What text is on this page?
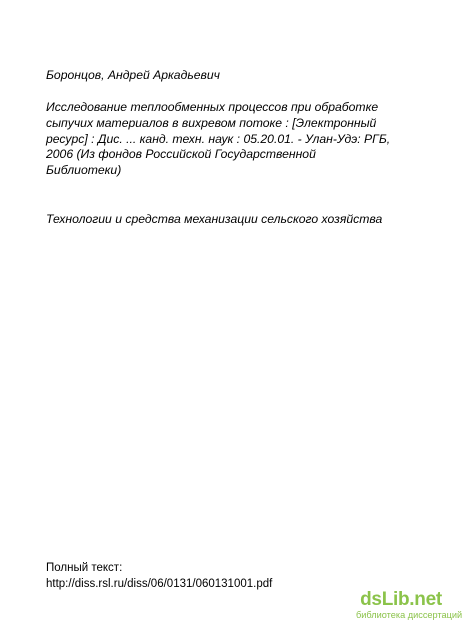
Боронцов, Андрей Аркадьевич
Исследование теплообменных процессов при обработке
сыпучих материалов в вихревом потоке : [Электронный
ресурс] : Дис. ... канд. техн. наук : 05.20.01. - Улан-Удэ: РГБ,
2006 (Из фондов Российской Государственной
Библиотеки)
Технологии и средства механизации сельского хозяйства
Полный текст:
http://diss.rsl.ru/diss/06/0131/060131001.pdf
dsLib.net
библиотека диссертаций
